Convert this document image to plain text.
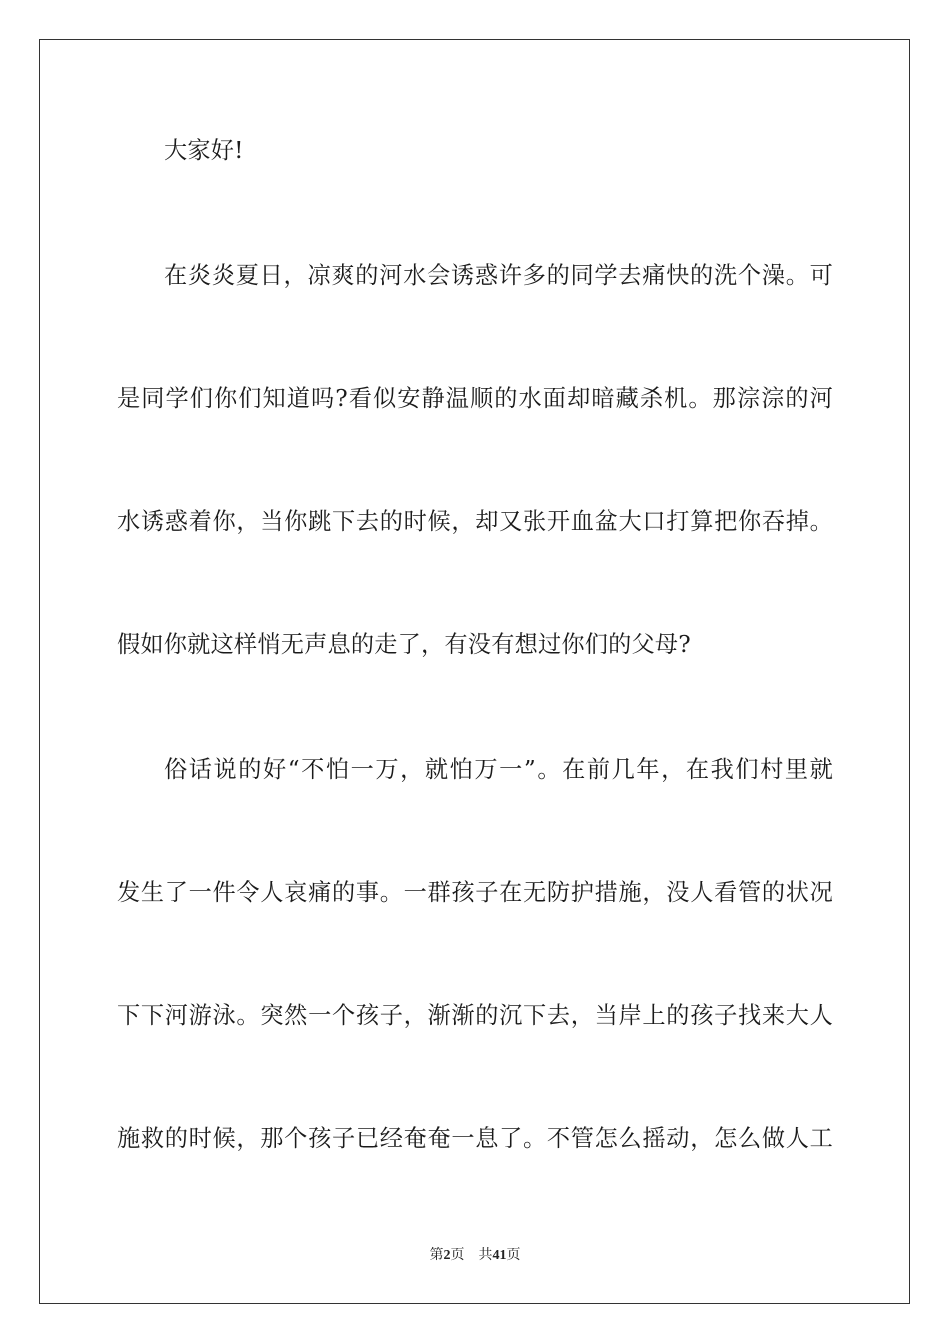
大家好!
在炎炎夏日，凉爽的河水会诱惑许多的同学去痛快的洗个澡。可
是同学们你们知道吗?看似安静温顺的水面却暗藏杀机。那淙淙的河
水诱惑着你，当你跳下去的时候，却又张开血盆大口打算把你吞掉。
假如你就这样悄无声息的走了，有没有想过你们的父母?
俗话说的好“不怕一万，就怕万一”。在前几年，在我们村里就
发生了一件令人哀痛的事。一群孩子在无防护措施，没人看管的状况
下下河游泳。突然一个孩子，渐渐的沉下去，当岸上的孩子找来大人
施救的时候，那个孩子已经奄奄一息了。不管怎么摇动，怎么做人工
第2页 共41页
